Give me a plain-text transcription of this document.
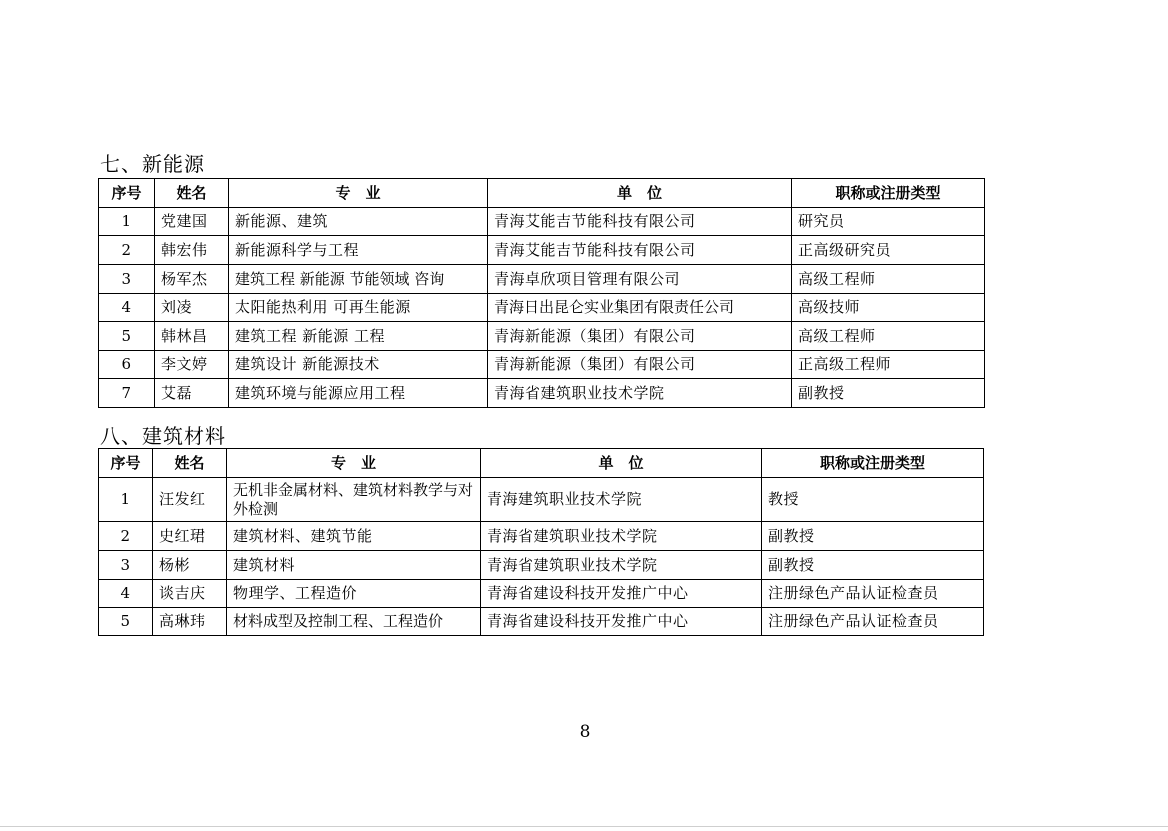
七、新能源
序号	姓名	专　业	单　位	职称或注册类型
1	党建国	新能源、建筑	青海艾能吉节能科技有限公司	研究员
2	韩宏伟	新能源科学与工程	青海艾能吉节能科技有限公司	正高级研究员
3	杨军杰	建筑工程 新能源 节能领域 咨询	青海卓欣项目管理有限公司	高级工程师
4	刘凌	太阳能热利用 可再生能源	青海日出昆仑实业集团有限责任公司	高级技师
5	韩林昌	建筑工程 新能源 工程	青海新能源（集团）有限公司	高级工程师
6	李文婷	建筑设计 新能源技术	青海新能源（集团）有限公司	正高级工程师
7	艾磊	建筑环境与能源应用工程	青海省建筑职业技术学院	副教授
八、建筑材料
序号	姓名	专　业	单　位	职称或注册类型
1	汪发红	无机非金属材料、建筑材料教学与对外检测	青海建筑职业技术学院	教授
2	史红珺	建筑材料、建筑节能	青海省建筑职业技术学院	副教授
3	杨彬	建筑材料	青海省建筑职业技术学院	副教授
4	谈吉庆	物理学、工程造价	青海省建设科技开发推广中心	注册绿色产品认证检查员
5	高琳玮	材料成型及控制工程、工程造价	青海省建设科技开发推广中心	注册绿色产品认证检查员
8
